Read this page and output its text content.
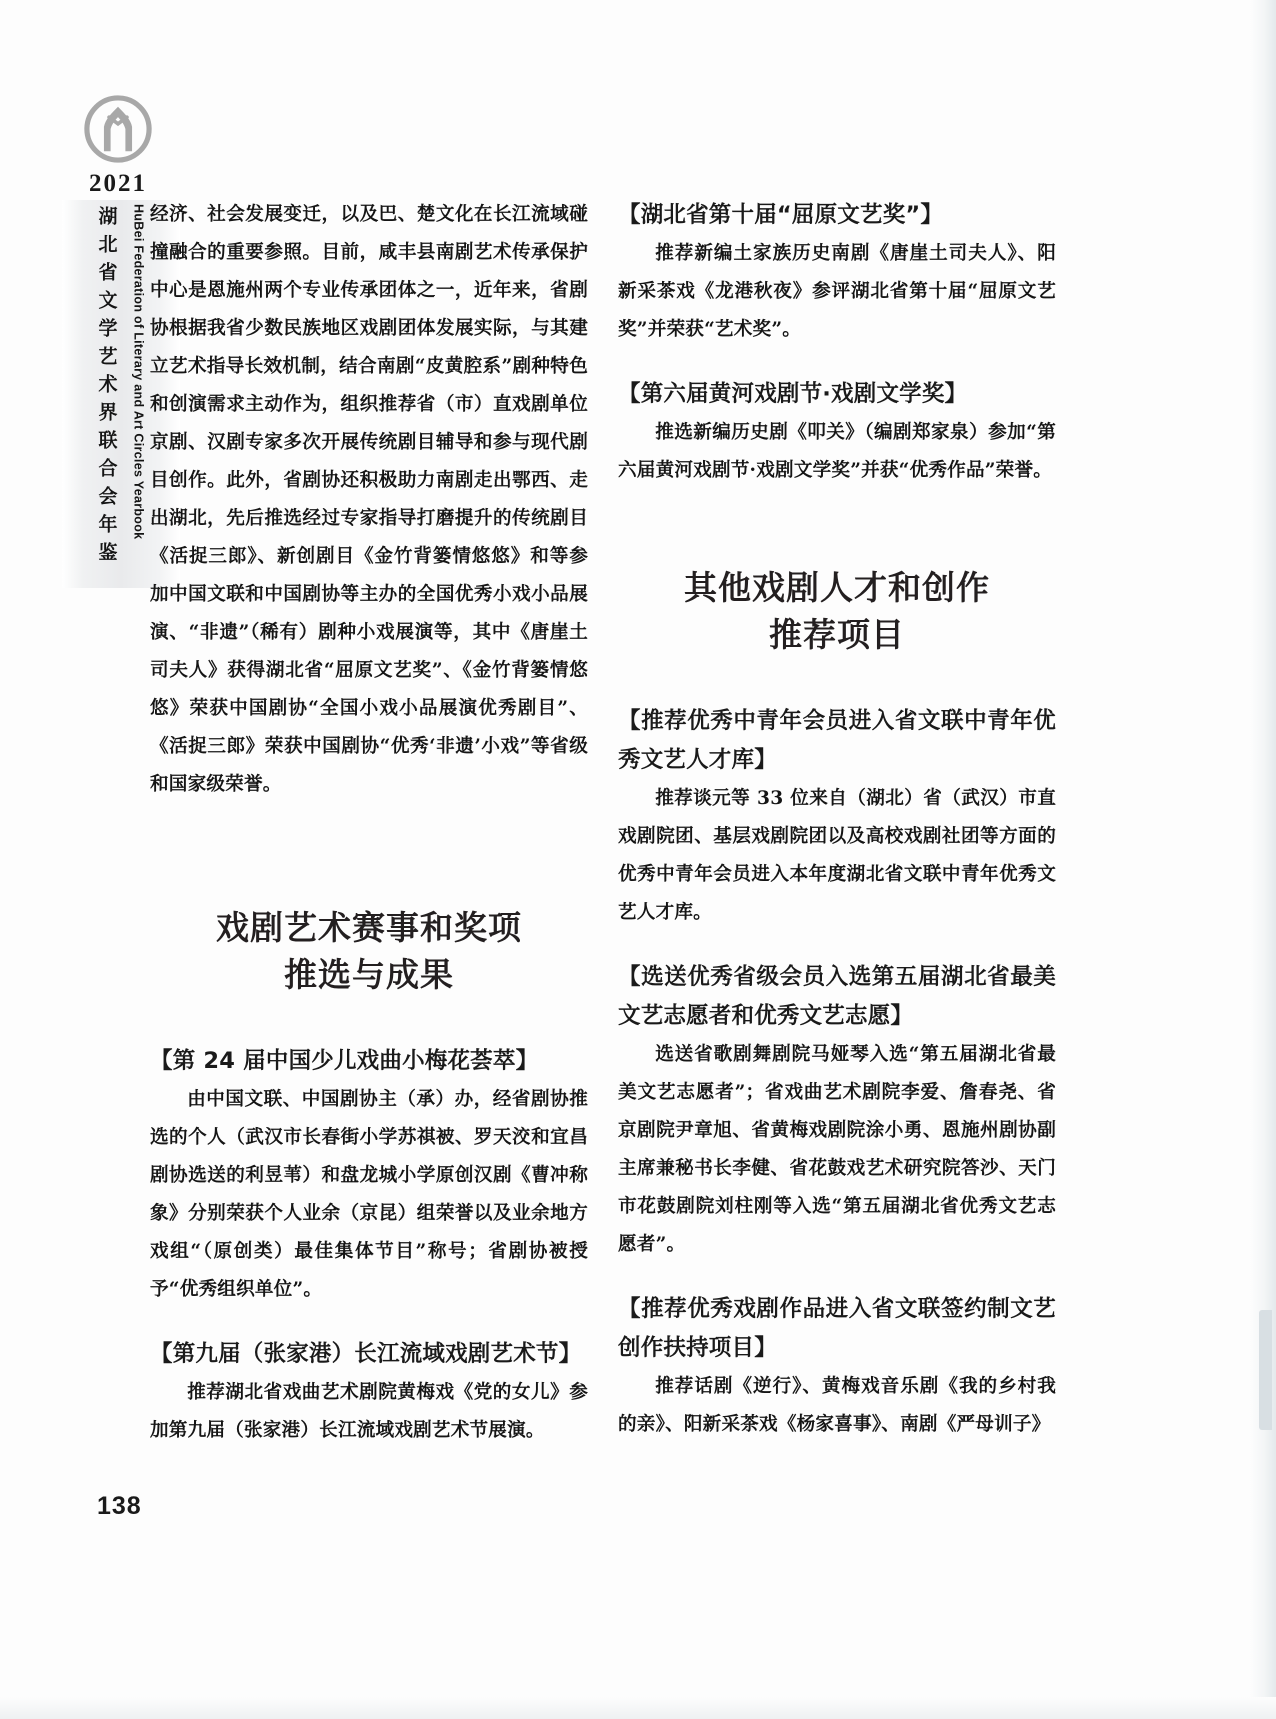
2021
HuBei Federation of Literary and Art Circles Yearbook
湖北省文学艺术界联合会年鉴 经济、社会发展变迁，以及巴、楚文化在长江流域碰撞融合的重要参照。目前，咸丰县南剧艺术传承保护中心是恩施州两个专业传承团体之一，近年来，省剧协根据我省少数民族地区戏剧团体发展实际，与其建立艺术指导长效机制，结合南剧“皮黄腔系”剧种特色和创演需求主动作为，组织推荐省（市）直戏剧单位京剧、汉剧专家多次开展传统剧目辅导和参与现代剧目创作。此外，省剧协还积极助力南剧走出鄂西、走出湖北，先后推选经过专家指导打磨提升的传统剧目《活捉三郎》、新创剧目《金竹背篓情悠悠》和等参加中国文联和中国剧协等主办的全国优秀小戏小品展演、“非遗”（稀有）剧种小戏展演等，其中《唐崖土司夫人》获得湖北省“屈原文艺奖”、《金竹背篓情悠悠》荣获中国剧协“全国小戏小品展演优秀剧目”、《活捉三郎》荣获中国剧协“优秀‘非遗’小戏”等省级和国家级荣誉。

戏剧艺术赛事和奖项
推选与成果
【第 24 届中国少儿戏曲小梅花荟萃】

由中国文联、中国剧协主（承）办，经省剧协推选的个人（武汉市长春街小学苏祺被、罗天洨和宜昌剧协选送的利昱苇）和盘龙城小学原创汉剧《曹冲称象》分别荣获个人业余（京昆）组荣誉以及业余地方戏组“（原创类）最佳集体节目”称号；省剧协被授予“优秀组织单位”。

【第九届（张家港）长江流域戏剧艺术节】

推荐湖北省戏曲艺术剧院黄梅戏《党的女儿》参加第九届（张家港）长江流域戏剧艺术节展演。

【湖北省第十届“屈原文艺奖”】

推荐新编土家族历史南剧《唐崖土司夫人》、阳新采茶戏《龙港秋夜》参评湖北省第十届“屈原文艺奖”并荣获“艺术奖”。

【第六届黄河戏剧节·戏剧文学奖】

推选新编历史剧《叩关》（编剧郑家泉）参加“第六届黄河戏剧节·戏剧文学奖”并获“优秀作品”荣誉。

其他戏剧人才和创作
推荐项目
【推荐优秀中青年会员进入省文联中青年优秀文艺人才库】

推荐谈元等 33 位来自（湖北）省（武汉）市直戏剧院团、基层戏剧院团以及高校戏剧社团等方面的优秀中青年会员进入本年度湖北省文联中青年优秀文艺人才库。

【选送优秀省级会员入选第五届湖北省最美文艺志愿者和优秀文艺志愿】

选送省歌剧舞剧院马娅琴入选“第五届湖北省最美文艺志愿者”；省戏曲艺术剧院李爱、詹春尧、省京剧院尹章旭、省黄梅戏剧院涂小勇、恩施州剧协副主席兼秘书长李健、省花鼓戏艺术研究院答沙、天门市花鼓剧院刘柱刚等入选“第五届湖北省优秀文艺志愿者”。

【推荐优秀戏剧作品进入省文联签约制文艺创作扶持项目】

推荐话剧《逆行》、黄梅戏音乐剧《我的乡村我的亲》、阳新采茶戏《杨家喜事》、南剧《严母训子》

138
